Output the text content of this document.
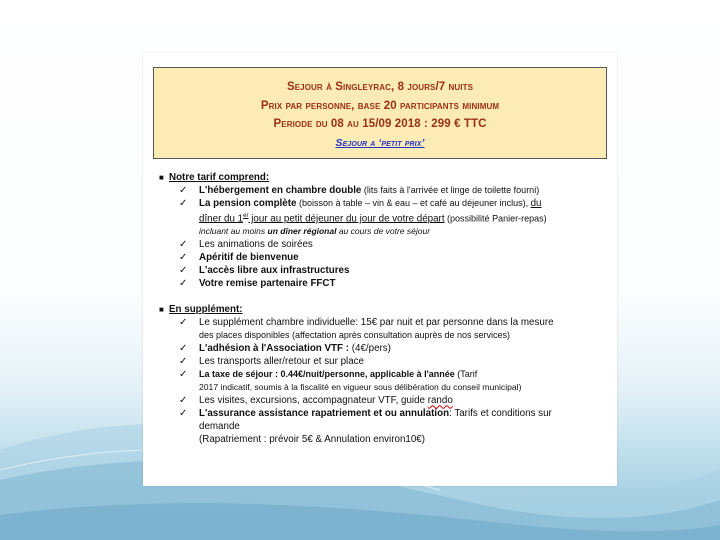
Sejour à Singleyrac, 8 jours/7 nuits
Prix par personne, base 20 participants minimum
Periode du 08 au 15/09 2018 : 299 € TTC
Sejour a ‘petit prix’
■ Notre tarif comprend:
✓ L'hébergement en chambre double (lits faits à l'arrivée et linge de toilette fourni)
✓ La pension complète (boisson à table – vin & eau – et café au déjeuner inclus), du
dîner du 1er jour au petit déjeuner du jour de votre départ (possibilité Panier-repas)
incluant au moins un dîner régional au cours de votre séjour
✓ Les animations de soirées
✓ Apéritif de bienvenue
✓ L'accès libre aux infrastructures
✓ Votre remise partenaire FFCT
■ En supplément:
✓ Le supplément chambre individuelle: 15€ par nuit et par personne dans la mesure
des places disponibles (affectation après consultation auprès de nos services)
✓ L'adhésion à l'Association VTF : (4€/pers)
✓ Les transports aller/retour et sur place
✓ La taxe de séjour : 0.44€/nuit/personne, applicable à l'année (Tarif
2017 indicatif, soumis à la fiscalité en vigueur sous délibération du conseil municipal)
✓ Les visites, excursions, accompagnateur VTF, guide rando
✓ L'assurance assistance rapatriement et ou annulation: Tarifs et conditions sur
demande
(Rapatriement : prévoir 5€ & Annulation environ10€)
